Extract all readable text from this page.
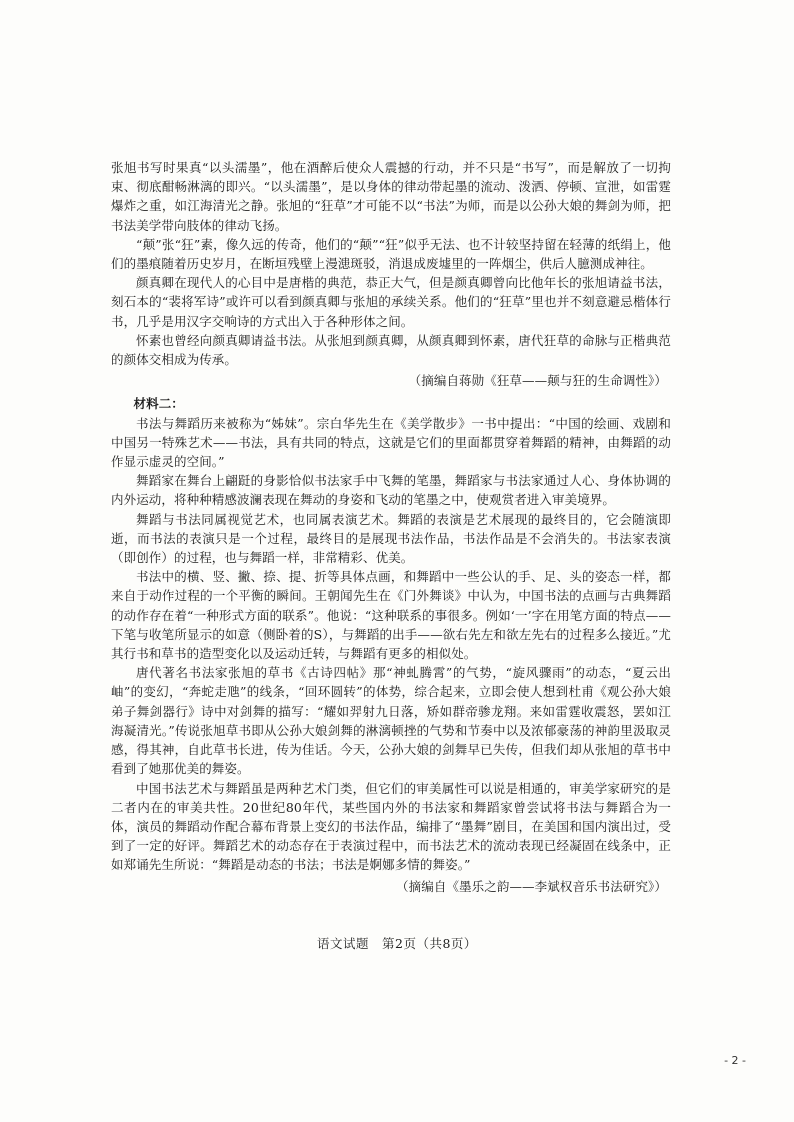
张旭书写时果真“以头濡墨”，他在酒醉后使众人震撼的行动，并不只是“书写”，而是解放了一切拘束、彻底酣畅淋漓的即兴。“以头濡墨”，是以身体的律动带起墨的流动、泼洒、停顿、宣泄，如雷霆爆炸之重，如江海清光之静。张旭的“狂草”才可能不以“书法”为师，而是以公孙大娘的舞剑为师，把书法美学带向肢体的律动飞扬。

“颠”张“狂”素，像久远的传奇，他们的“颠”“狂”似乎无法、也不计较坚持留在轻薄的纸绢上，他们的墨痕随着历史岁月，在断垣残壁上漫漶斑驳，消退成废墟里的一阵烟尘，供后人臆测成神往。

颜真卿在现代人的心目中是唐楷的典范，恭正大气，但是颜真卿曾向比他年长的张旭请益书法，刻石本的“裴将军诗”或许可以看到颜真卿与张旭的承续关系。他们的“狂草”里也并不刻意避忌楷体行书，几乎是用汉字交响诗的方式出入于各种形体之间。

怀素也曾经向颜真卿请益书法。从张旭到颜真卿，从颜真卿到怀素，唐代狂草的命脉与正楷典范的颜体交相成为传承。

（摘编自蒋勋《狂草——颠与狂的生命调性》）

材料二：

书法与舞蹈历来被称为“姊妹”。宗白华先生在《美学散步》一书中提出：“中国的绘画、戏剧和中国另一特殊艺术——书法，具有共同的特点，这就是它们的里面都贯穿着舞蹈的精神，由舞蹈的动作显示虚灵的空间。”

舞蹈家在舞台上翩跹的身影恰似书法家手中飞舞的笔墨，舞蹈家与书法家通过人心、身体协调的内外运动，将种种精感波澜表现在舞动的身姿和飞动的笔墨之中，使观赏者进入审美境界。

舞蹈与书法同属视觉艺术，也同属表演艺术。舞蹈的表演是艺术展现的最终目的，它会随演即逝，而书法的表演只是一个过程，最终目的是展现书法作品，书法作品是不会消失的。书法家表演（即创作）的过程，也与舞蹈一样，非常精彩、优美。

书法中的横、竖、撇、捺、提、折等具体点画，和舞蹈中一些公认的手、足、头的姿态一样，都来自于动作过程的一个平衡的瞬间。王朝闻先生在《门外舞谈》中认为，中国书法的点画与古典舞蹈的动作存在着“一种形式方面的联系”。他说：“这种联系的事很多。例如‘一’字在用笔方面的特点——下笔与收笔所显示的如意（侧卧着的S），与舞蹈的出手——欲右先左和欲左先右的过程多么接近。”尤其行书和草书的造型变化以及运动迁转，与舞蹈有更多的相似处。

唐代著名书法家张旭的草书《古诗四帖》那“神虬腾霄”的气势，“旋风骤雨”的动态，“夏云出岫”的变幻，“奔蛇走虺”的线条，“回环圆转”的体势，综合起来，立即会使人想到杜甫《观公孙大娘弟子舞剑器行》诗中对剑舞的描写：“耀如羿射九日落，矫如群帝骖龙翔。来如雷霆收震怒，罢如江海凝清光。”传说张旭草书即从公孙大娘剑舞的淋漓顿挫的气势和节奏中以及浓郁豪荡的神韵里汲取灵感，得其神，自此草书长进，传为佳话。今天，公孙大娘的剑舞早已失传，但我们却从张旭的草书中看到了她那优美的舞姿。

中国书法艺术与舞蹈虽是两种艺术门类，但它们的审美属性可以说是相通的，审美学家研究的是二者内在的审美共性。20世纪80年代，某些国内外的书法家和舞蹈家曾尝试将书法与舞蹈合为一体，演员的舞蹈动作配合幕布背景上变幻的书法作品，编排了“墨舞”剧目，在美国和国内演出过，受到了一定的好评。舞蹈艺术的动态存在于表演过程中，而书法艺术的流动表现已经凝固在线条中，正如郑诵先生所说：“舞蹈是动态的书法；书法是婀娜多情的舞姿。”

（摘编自《墨乐之韵——李斌权音乐书法研究》）

语文试题　第2页（共8页）
- 2 -
